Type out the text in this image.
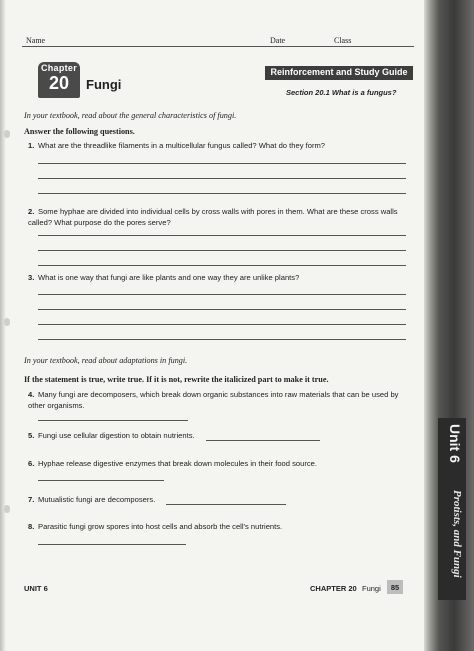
Unit 6
Protists, and Fungi
Name	Date	Class
Chapter
20	Fungi
Reinforcement and Study Guide
Section 20.1 What is a fungus?
In your textbook, read about the general characteristics of fungi.
Answer the following questions.
1. What are the threadlike filaments in a multicellular fungus called? What do they form?
2. Some hyphae are divided into individual cells by cross walls with pores in them. What are these cross walls called? What purpose do the pores serve?
3. What is one way that fungi are like plants and one way they are unlike plants?
In your textbook, read about adaptations in fungi.
If the statement is true, write true. If it is not, rewrite the italicized part to make it true.
4. Many fungi are decomposers, which break down organic substances into raw materials that can be used by other organisms.
5. Fungi use cellular digestion to obtain nutrients.
6. Hyphae release digestive enzymes that break down molecules in their food source.
7. Mutualistic fungi are decomposers.
8. Parasitic fungi grow spores into host cells and absorb the cell's nutrients.
UNIT 6	CHAPTER 20 Fungi	85
